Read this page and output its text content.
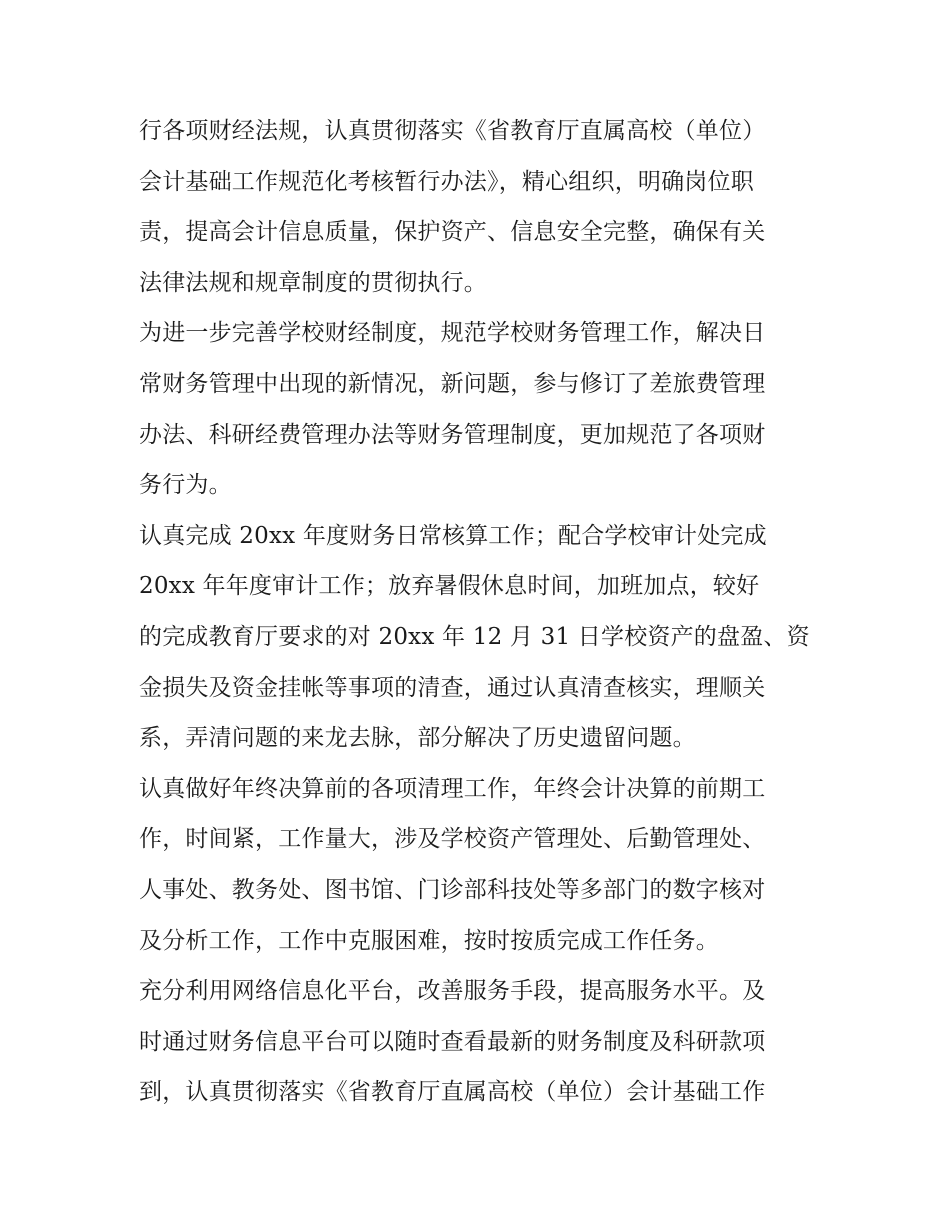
行各项财经法规，认真贯彻落实《省教育厅直属高校（单位）
会计基础工作规范化考核暂行办法》，精心组织，明确岗位职
责，提高会计信息质量，保护资产、信息安全完整，确保有关
法律法规和规章制度的贯彻执行。
为进一步完善学校财经制度，规范学校财务管理工作，解决日
常财务管理中出现的新情况，新问题，参与修订了差旅费管理
办法、科研经费管理办法等财务管理制度，更加规范了各项财
务行为。
认真完成 20xx 年度财务日常核算工作；配合学校审计处完成
20xx 年年度审计工作；放弃暑假休息时间，加班加点，较好
的完成教育厅要求的对 20xx 年 12 月 31 日学校资产的盘盈、资
金损失及资金挂帐等事项的清查，通过认真清查核实，理顺关
系，弄清问题的来龙去脉，部分解决了历史遗留问题。
认真做好年终决算前的各项清理工作，年终会计决算的前期工
作，时间紧，工作量大，涉及学校资产管理处、后勤管理处、
人事处、教务处、图书馆、门诊部科技处等多部门的数字核对
及分析工作，工作中克服困难，按时按质完成工作任务。
充分利用网络信息化平台，改善服务手段，提高服务水平。及
时通过财务信息平台可以随时查看最新的财务制度及科研款项
到，认真贯彻落实《省教育厅直属高校（单位）会计基础工作
